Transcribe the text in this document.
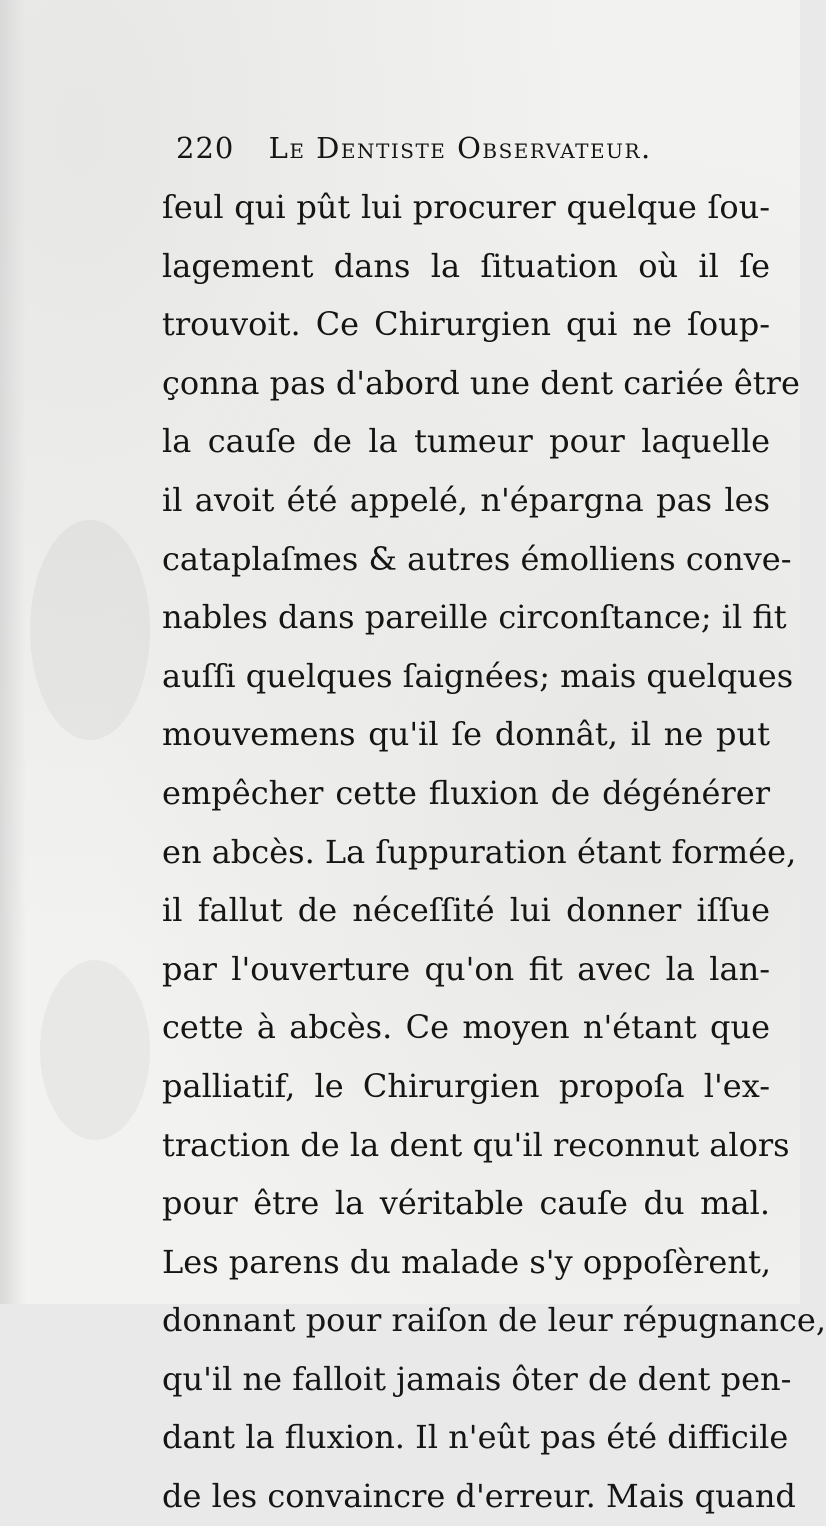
220 Le Dentiste Observateur.
ſeul qui pût lui procurer quelque ſou-
lagement dans la ſituation où il ſe
trouvoit. Ce Chirurgien qui ne ſoup-
çonna pas d'abord une dent cariée être
la cauſe de la tumeur pour laquelle
il avoit été appelé, n'épargna pas les
cataplaſmes & autres émolliens conve-
nables dans pareille circonſtance; il fit
auſſi quelques ſaignées; mais quelques
mouvemens qu'il ſe donnât, il ne put
empêcher cette fluxion de dégénérer
en abcès. La ſuppuration étant formée,
il fallut de néceſſité lui donner iſſue
par l'ouverture qu'on fit avec la lan-
cette à abcès. Ce moyen n'étant que
palliatif, le Chirurgien propoſa l'ex-
traction de la dent qu'il reconnut alors
pour être la véritable cauſe du mal.
Les parens du malade s'y oppoſèrent,
donnant pour raiſon de leur répugnance,
qu'il ne falloit jamais ôter de dent pen-
dant la fluxion. Il n'eût pas été difficile
de les convaincre d'erreur. Mais quand
